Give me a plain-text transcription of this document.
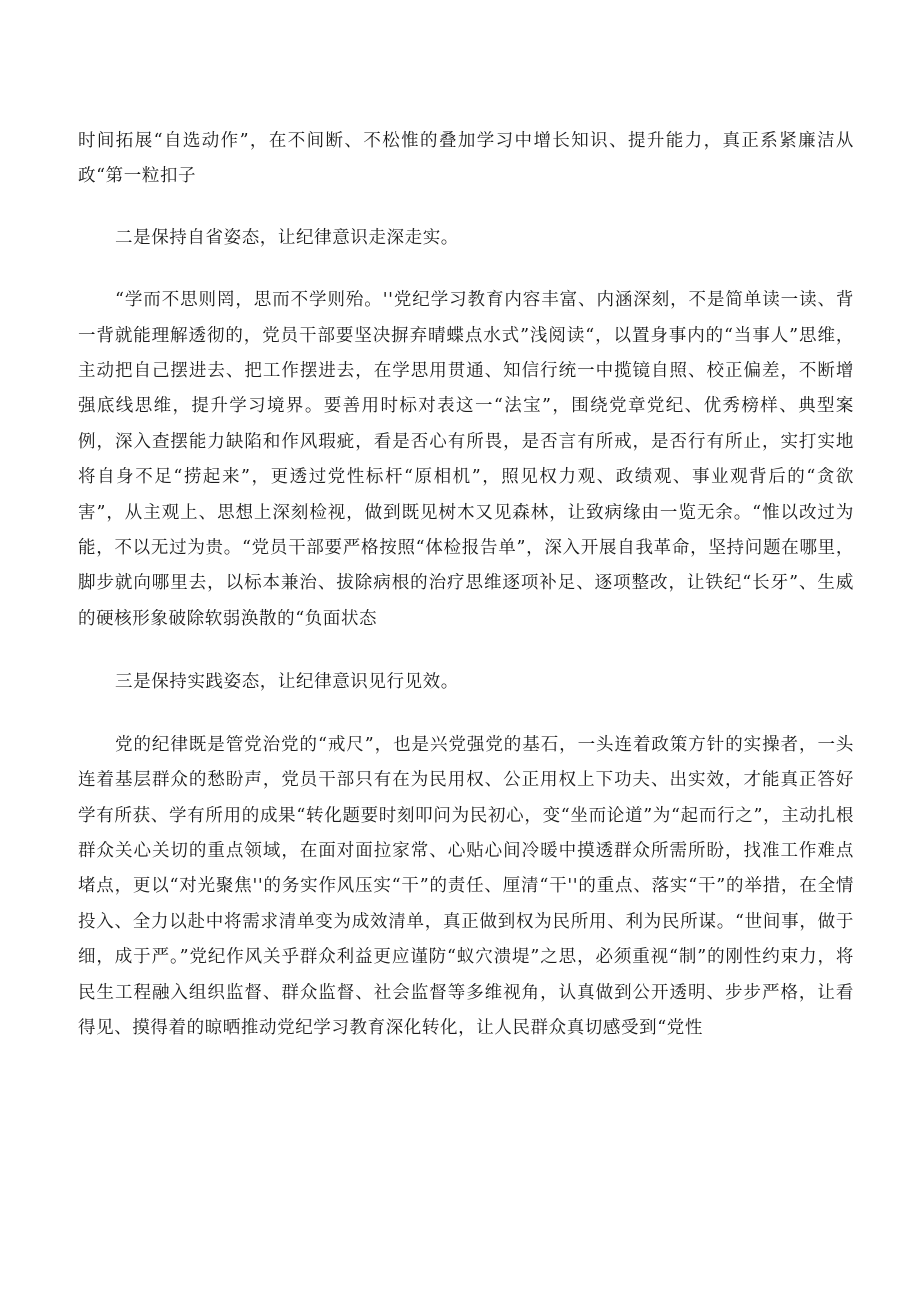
时间拓展“自选动作”，在不间断、不松惟的叠加学习中增长知识、提升能力，真正系紧廉洁从政“第一粒扣子

二是保持自省姿态，让纪律意识走深走实。

“学而不思则罔，思而不学则殆。''党纪学习教育内容丰富、内涵深刻，不是简单读一读、背一背就能理解透彻的，党员干部要坚决摒弃晴蝶点水式”浅阅读“，以置身事内的“当事人”思维，主动把自己摆进去、把工作摆进去，在学思用贯通、知信行统一中揽镜自照、校正偏差，不断增强底线思维，提升学习境界。要善用时标对表这一“法宝”，围绕党章党纪、优秀榜样、典型案例，深入查摆能力缺陷和作风瑕疵，看是否心有所畏，是否言有所戒，是否行有所止，实打实地将自身不足“捞起来”，更透过党性标杆“原相机”，照见权力观、政绩观、事业观背后的“贪欲害”，从主观上、思想上深刻检视，做到既见树木又见森林，让致病缘由一览无余。“惟以改过为能，不以无过为贵。“党员干部要严格按照“体检报告单”，深入开展自我革命，坚持问题在哪里，脚步就向哪里去，以标本兼治、拔除病根的治疗思维逐项补足、逐项整改，让铁纪“长牙”、生威的硬核形象破除软弱涣散的“负面状态

三是保持实践姿态，让纪律意识见行见效。

党的纪律既是管党治党的“戒尺”，也是兴党强党的基石，一头连着政策方针的实操者，一头连着基层群众的愁盼声，党员干部只有在为民用权、公正用权上下功夫、出实效，才能真正答好学有所获、学有所用的成果“转化题要时刻叩问为民初心，变“坐而论道”为“起而行之”，主动扎根群众关心关切的重点领域，在面对面拉家常、心贴心间冷暖中摸透群众所需所盼，找准工作难点堵点，更以“对光聚焦''的务实作风压实“干”的责任、厘清“干''的重点、落实“干”的举措，在全情投入、全力以赴中将需求清单变为成效清单，真正做到权为民所用、利为民所谋。“世间事，做于细，成于严。”党纪作风关乎群众利益更应谨防“蚁穴溃堤”之思，必须重视“制”的刚性约束力，将民生工程融入组织监督、群众监督、社会监督等多维视角，认真做到公开透明、步步严格，让看得见、摸得着的晾晒推动党纪学习教育深化转化，让人民群众真切感受到“党性
